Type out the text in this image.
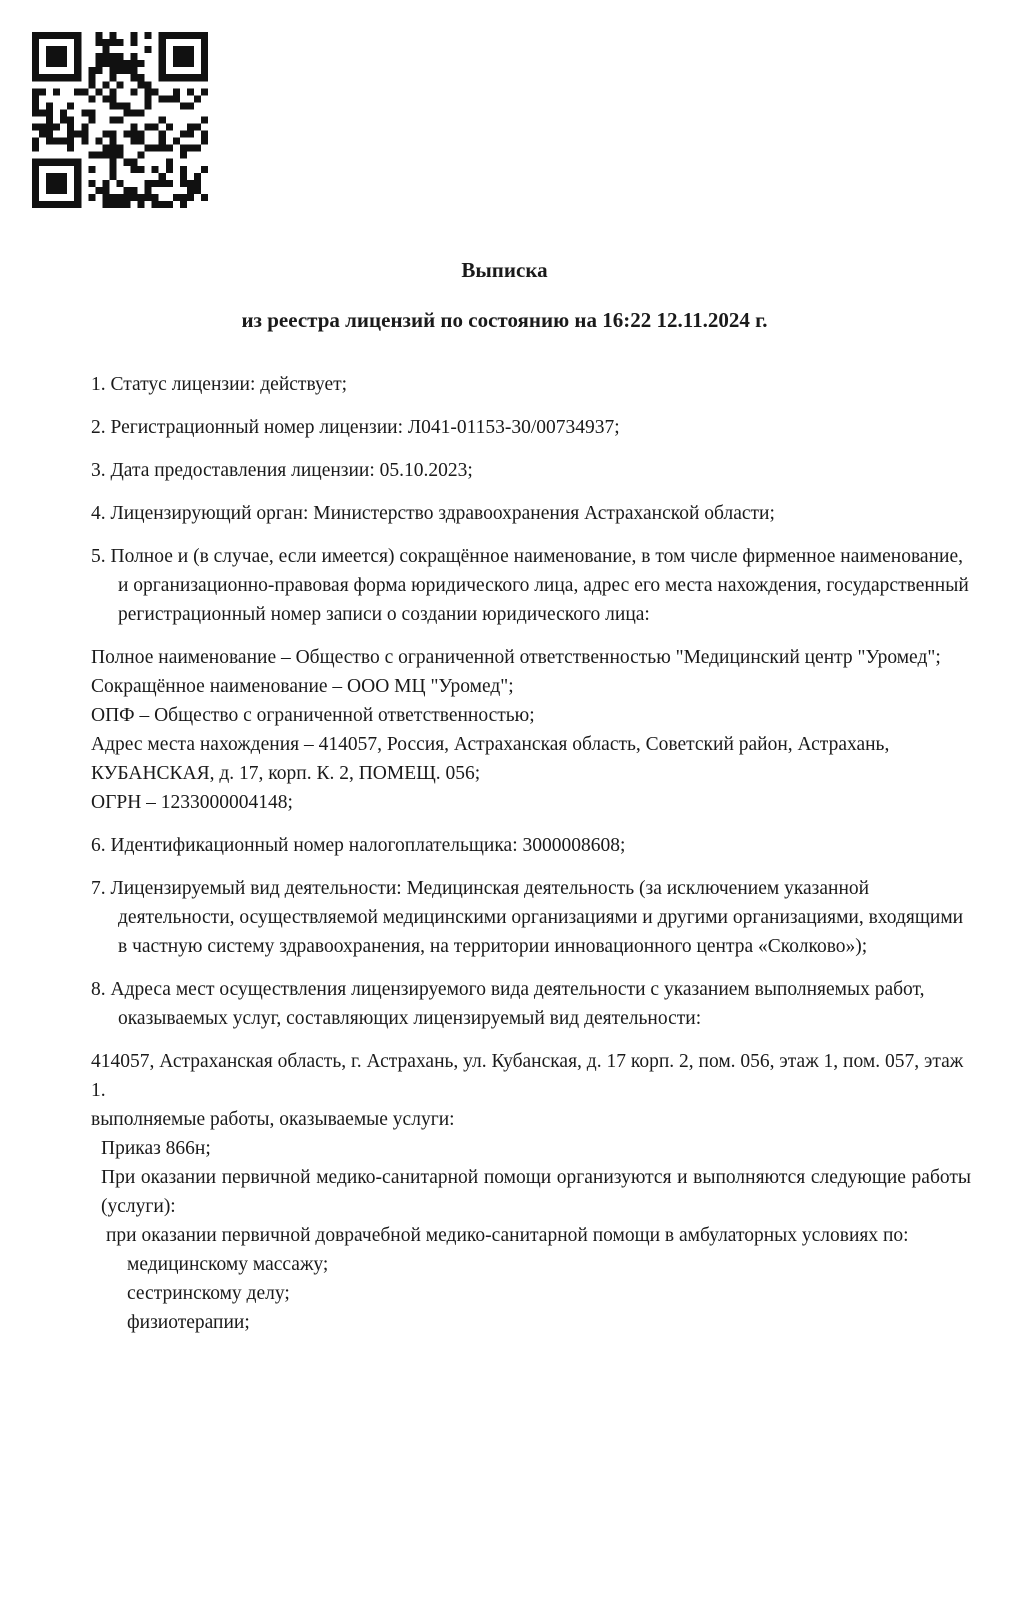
Выписка
из реестра лицензий по состоянию на 16:22 12.11.2024 г.

1. Статус лицензии: действует;

2. Регистрационный номер лицензии: Л041-01153-30/00734937;

3. Дата предоставления лицензии: 05.10.2023;

4. Лицензирующий орган: Министерство здравоохранения Астраханской области;

5. Полное и (в случае, если имеется) сокращённое наименование, в том числе фирменное наименование, и организационно-правовая форма юридического лица, адрес его места нахождения, государственный регистрационный номер записи о создании юридического лица:

Полное наименование – Общество с ограниченной ответственностью "Медицинский центр "Уромед";

Сокращённое наименование – ООО МЦ "Уромед";

ОПФ – Общество с ограниченной ответственностью;

Адрес места нахождения – 414057, Россия, Астраханская область, Советский район, Астрахань, КУБАНСКАЯ, д. 17, корп. К. 2, ПОМЕЩ. 056;

ОГРН – 1233000004148;

6. Идентификационный номер налогоплательщика: 3000008608;

7. Лицензируемый вид деятельности: Медицинская деятельность (за исключением указанной деятельности, осуществляемой медицинскими организациями и другими организациями, входящими в частную систему здравоохранения, на территории инновационного центра «Сколково»);

8. Адреса мест осуществления лицензируемого вида деятельности с указанием выполняемых работ, оказываемых услуг, составляющих лицензируемый вид деятельности:

414057, Астраханская область, г. Астрахань, ул. Кубанская, д. 17 корп. 2, пом. 056, этаж 1, пом. 057, этаж 1.

выполняемые работы, оказываемые услуги:

Приказ 866н;

При оказании первичной медико-санитарной помощи организуются и выполняются следующие работы (услуги):

при оказании первичной доврачебной медико-санитарной помощи в амбулаторных условиях по:

медицинскому массажу;

сестринскому делу;

физиотерапии;
